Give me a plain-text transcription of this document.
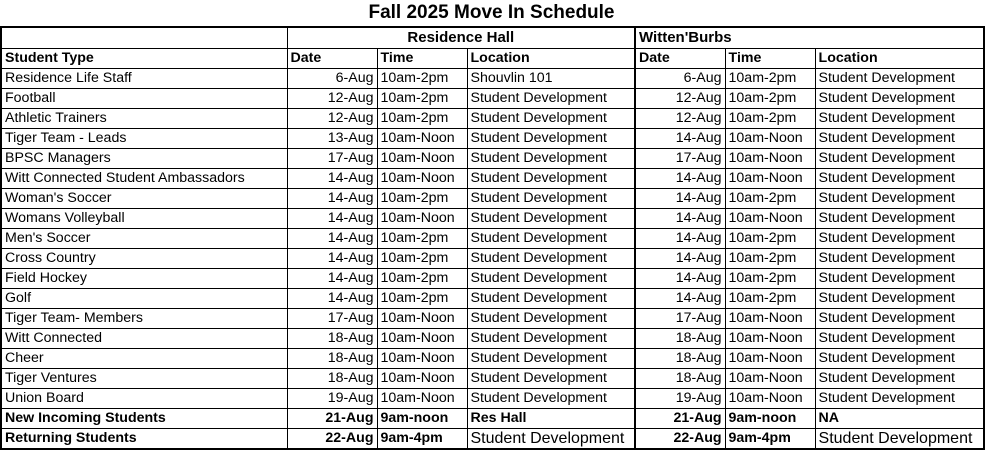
Fall 2025 Move In Schedule
	Residence Hall			Witten'Burbs		
Student Type	Date	Time	Location	Date	Time	Location
Residence Life Staff	6-Aug	10am-2pm	Shouvlin 101	6-Aug	10am-2pm	Student Development
Football	12-Aug	10am-2pm	Student Development	12-Aug	10am-2pm	Student Development
Athletic Trainers	12-Aug	10am-2pm	Student Development	12-Aug	10am-2pm	Student Development
Tiger Team - Leads	13-Aug	10am-Noon	Student Development	14-Aug	10am-Noon	Student Development
BPSC Managers	17-Aug	10am-Noon	Student Development	17-Aug	10am-Noon	Student Development
Witt Connected Student Ambassadors	14-Aug	10am-Noon	Student Development	14-Aug	10am-Noon	Student Development
Woman's Soccer	14-Aug	10am-2pm	Student Development	14-Aug	10am-2pm	Student Development
Womans Volleyball	14-Aug	10am-Noon	Student Development	14-Aug	10am-Noon	Student Development
Men's Soccer	14-Aug	10am-2pm	Student Development	14-Aug	10am-2pm	Student Development
Cross Country	14-Aug	10am-2pm	Student Development	14-Aug	10am-2pm	Student Development
Field Hockey	14-Aug	10am-2pm	Student Development	14-Aug	10am-2pm	Student Development
Golf	14-Aug	10am-2pm	Student Development	14-Aug	10am-2pm	Student Development
Tiger Team- Members	17-Aug	10am-Noon	Student Development	17-Aug	10am-Noon	Student Development
Witt Connected	18-Aug	10am-Noon	Student Development	18-Aug	10am-Noon	Student Development
Cheer	18-Aug	10am-Noon	Student Development	18-Aug	10am-Noon	Student Development
Tiger Ventures	18-Aug	10am-Noon	Student Development	18-Aug	10am-Noon	Student Development
Union Board	19-Aug	10am-Noon	Student Development	19-Aug	10am-Noon	Student Development
New Incoming Students	21-Aug	9am-noon	Res Hall	21-Aug	9am-noon	NA
Returning Students	22-Aug	9am-4pm	Student Development	22-Aug	9am-4pm	Student Development
